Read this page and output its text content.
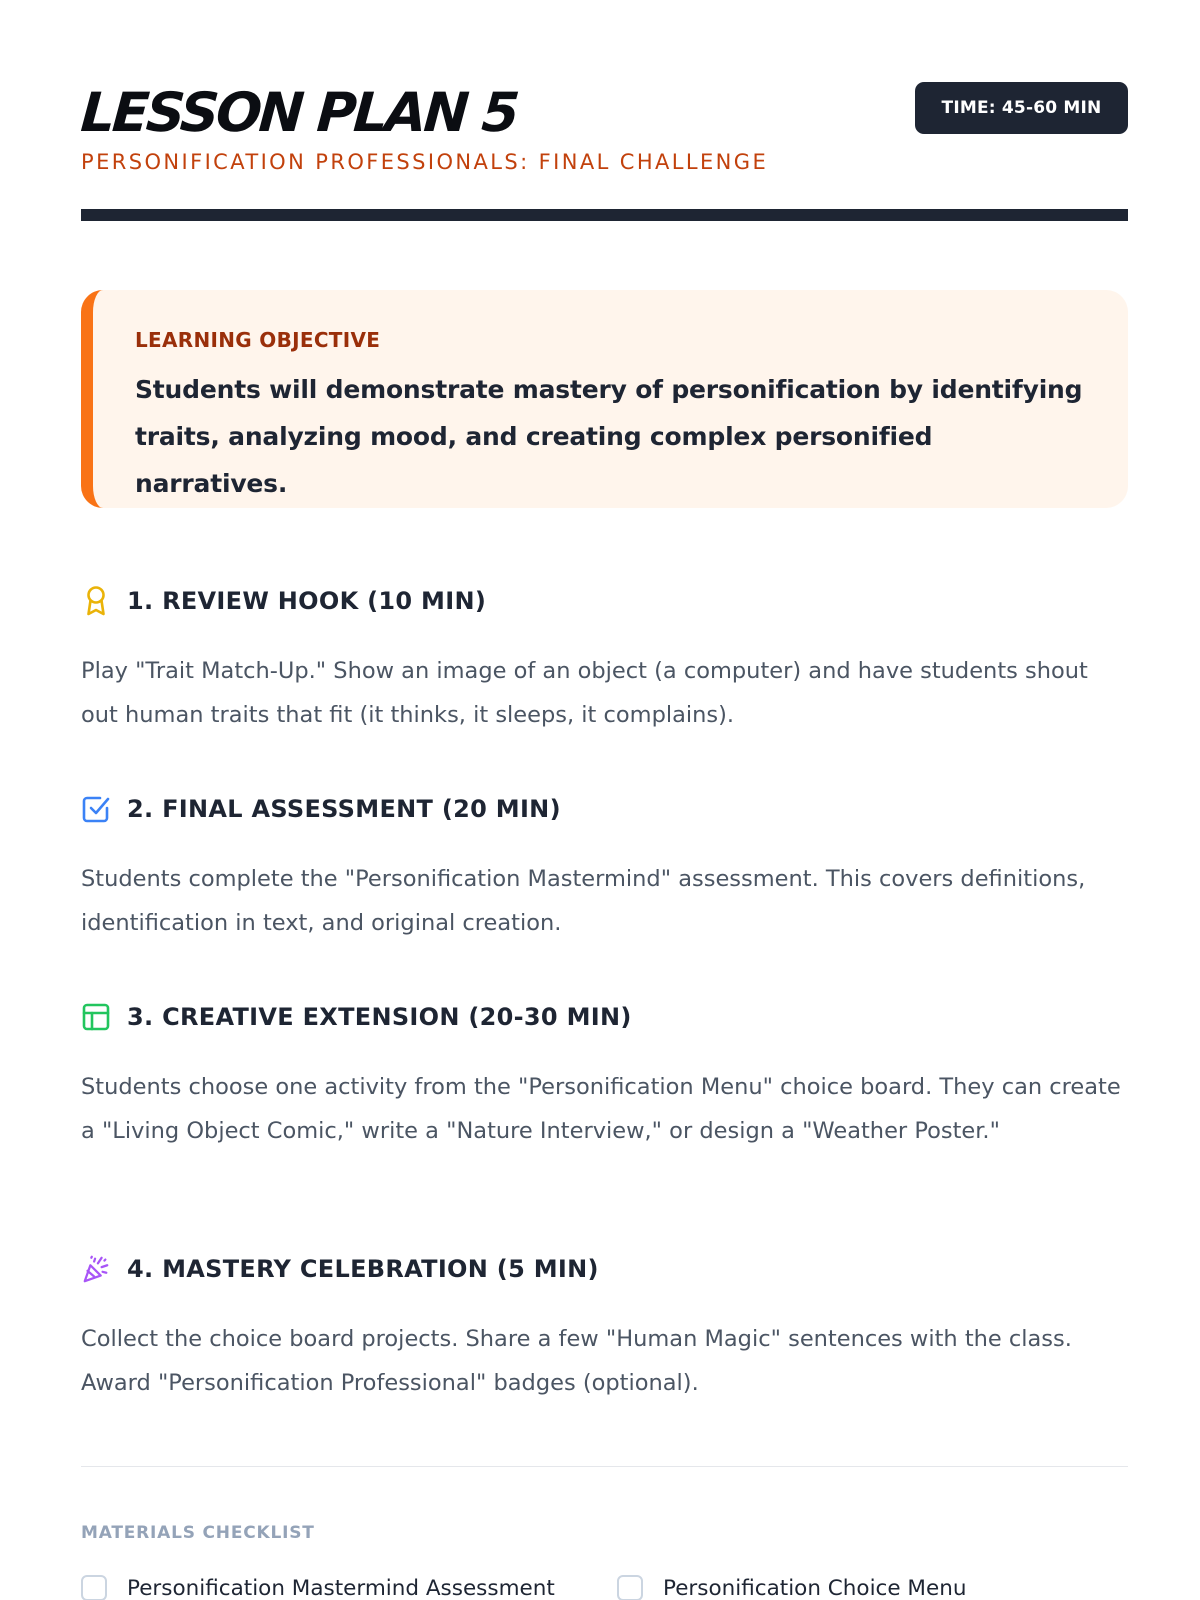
LESSON PLAN 5
PERSONIFICATION PROFESSIONALS: FINAL CHALLENGE
TIME: 45-60 MIN
LEARNING OBJECTIVE
Students will demonstrate mastery of personification by identifying traits, analyzing mood, and creating complex personified narratives.
1. REVIEW HOOK (10 MIN)
Play "Trait Match-Up." Show an image of an object (a computer) and have students shout out human traits that fit (it thinks, it sleeps, it complains).
2. FINAL ASSESSMENT (20 MIN)
Students complete the "Personification Mastermind" assessment. This covers definitions, identification in text, and original creation.
3. CREATIVE EXTENSION (20-30 MIN)
Students choose one activity from the "Personification Menu" choice board. They can create a "Living Object Comic," write a "Nature Interview," or design a "Weather Poster."
4. MASTERY CELEBRATION (5 MIN)
Collect the choice board projects. Share a few "Human Magic" sentences with the class. Award "Personification Professional" badges (optional).
MATERIALS CHECKLIST
Personification Mastermind Assessment	Personification Choice Menu
